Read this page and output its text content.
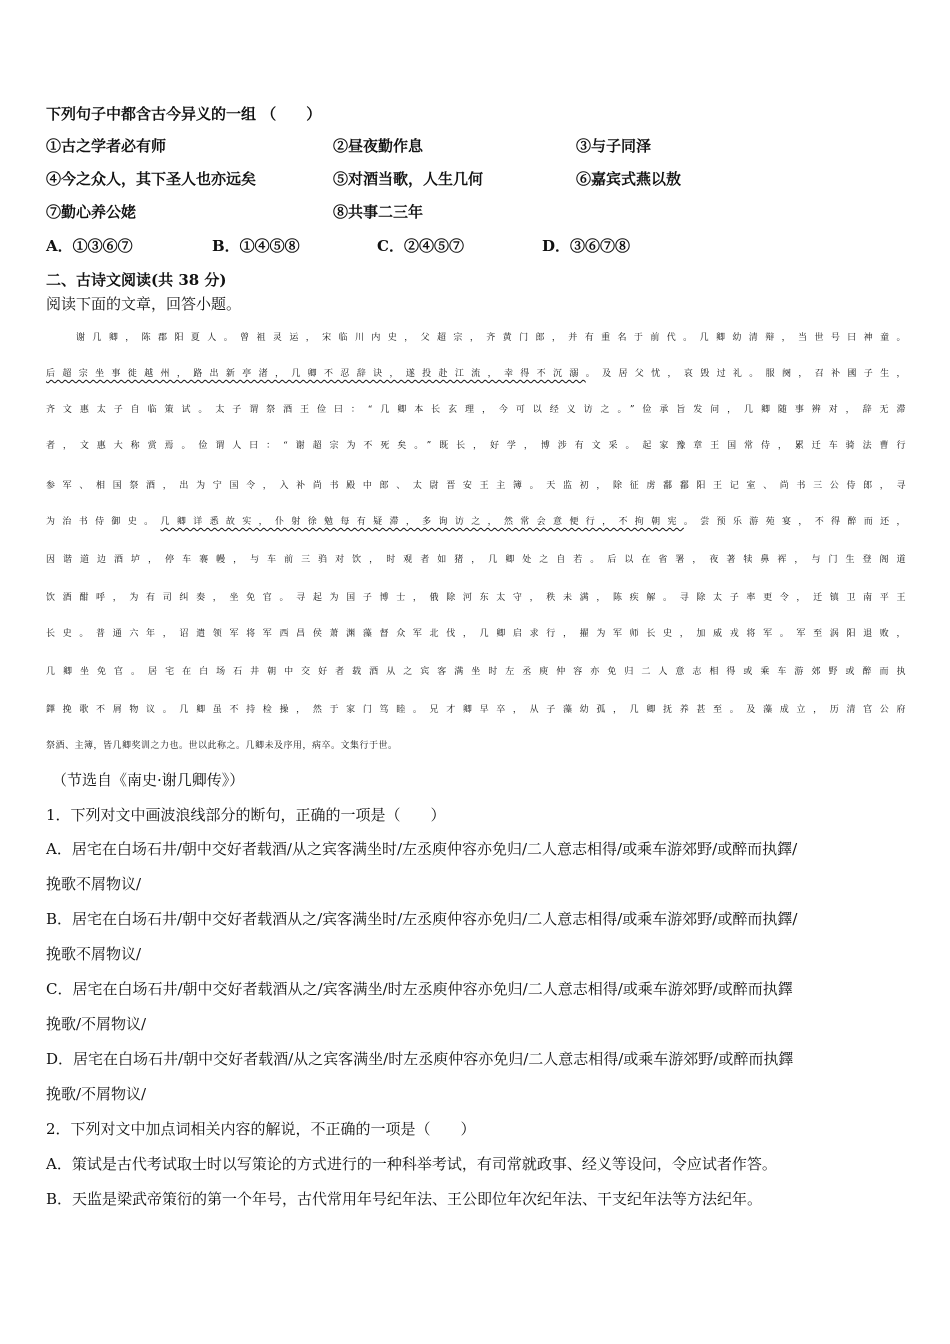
下列句子中都含古今异义的一组 （　　）
①古之学者必有师	②昼夜勤作息	③与子同泽
④今之众人，其下圣人也亦远矣	⑤对酒当歌，人生几何	⑥嘉宾式燕以敖
⑦勤心养公姥	⑧共事二三年
A．①③⑥⑦	B．①④⑤⑧	C．②④⑤⑦	D．③⑥⑦⑧
二、古诗文阅读(共 38 分)
阅读下面的文章，回答小题。
谢几卿，陈郡阳夏人。曾祖灵运，宋临川内史，父超宗，齐黄门郎，并有重名于前代。几卿幼清辩，当世号曰神童。
后超宗坐事徙越州，路出新亭渚，几卿不忍辞诀，遂投赴江流，幸得不沉溺。及居父忧，哀毁过礼。服阕，召补國子生，
齐文惠太子自临策试。太子谓祭酒王俭曰：“几卿本长玄理，今可以经义访之。”俭承旨发问，几卿随事辨对，辞无滞
者，文惠大称赏焉。俭谓人曰：“谢超宗为不死矣。”既长，好学，博涉有文采。起家豫章王国常侍，累迁车骑法曹行
参军、相国祭酒，出为宁国令，入补尚书殿中郎、太尉晋安王主簿。天监初，除征虏鄱鄱阳王记室、尚书三公侍郎，寻
为治书侍御史。几卿详悉故实，仆射徐勉每有疑滞，多询访之，然常会意便行，不拘朝宪。尝预乐游苑宴，不得醉而还，
因谐道边酒垆，停车褰幔，与车前三驺对饮，时观者如猪，几卿处之自若。后以在省署，夜著犊鼻裈，与门生登阁道
饮酒酣呼，为有司纠奏，坐免官。寻起为国子博士，俄除河东太守，秩未满，陈疾解。寻除太子率更令，迁镇卫南平王
长史。普通六年，诏遣领军将军西昌侯萧渊藻督众军北伐，几卿启求行，擢为军师长史，加威戎将军。军至涡阳退败，
几卿坐免官。居宅在白场石井朝中交好者载酒从之宾客满坐时左丞庾仲容亦免归二人意志相得或乘车游郊野或醉而执
鐸挽歌不屑物议。几卿虽不持检操，然于家门笃睦。兄才卿早卒，从子藻幼孤，几卿抚养甚至。及藻成立，历清官公府
祭酒、主簿，皆几卿奖训之力也。世以此称之。几卿未及序用，病卒。文集行于世。
（节选自《南史·谢几卿传》）
1．下列对文中画波浪线部分的断句，正确的一项是（　　）
A．居宅在白场石井/朝中交好者载酒/从之宾客满坐时/左丞庾仲容亦免归/二人意志相得/或乘车游郊野/或醉而执鐸/
挽歌不屑物议/
B．居宅在白场石井/朝中交好者载酒从之/宾客满坐时/左丞庾仲容亦免归/二人意志相得/或乘车游郊野/或醉而执鐸/
挽歌不屑物议/
C．居宅在白场石井/朝中交好者载酒从之/宾客满坐/时左丞庾仲容亦免归/二人意志相得/或乘车游郊野/或醉而执鐸
挽歌/不屑物议/
D．居宅在白场石井/朝中交好者载酒/从之宾客满坐/时左丞庾仲容亦免归/二人意志相得/或乘车游郊野/或醉而执鐸
挽歌/不屑物议/
2．下列对文中加点词相关内容的解说，不正确的一项是（　　）
A．策试是古代考试取士时以写策论的方式进行的一种科举考试，有司常就政事、经义等设问，令应试者作答。
B．天监是梁武帝策衍的第一个年号，古代常用年号纪年法、王公即位年次纪年法、干支纪年法等方法纪年。
